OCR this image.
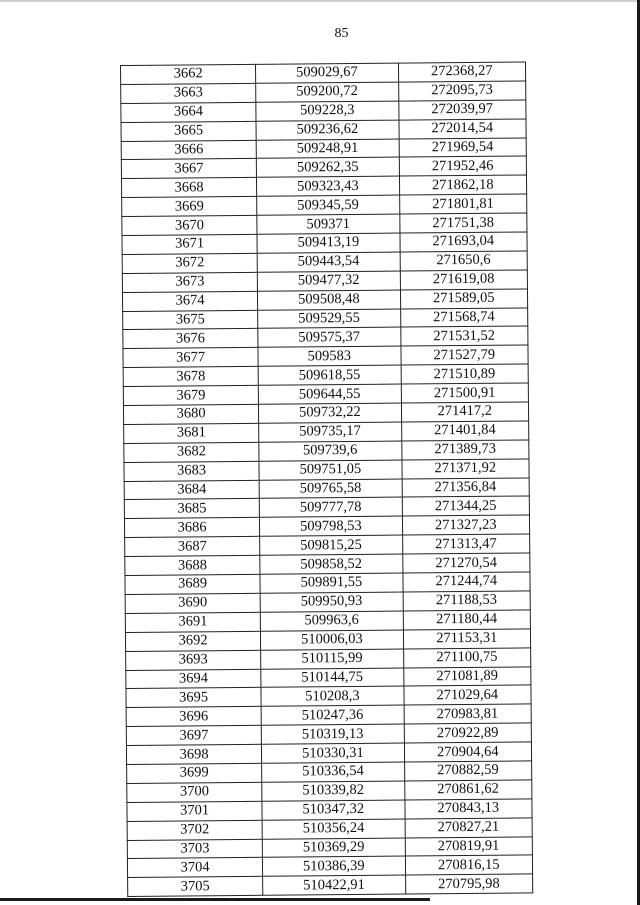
85
3662	509029,67	272368,27
3663	509200,72	272095,73
3664	509228,3	272039,97
3665	509236,62	272014,54
3666	509248,91	271969,54
3667	509262,35	271952,46
3668	509323,43	271862,18
3669	509345,59	271801,81
3670	509371	271751,38
3671	509413,19	271693,04
3672	509443,54	271650,6
3673	509477,32	271619,08
3674	509508,48	271589,05
3675	509529,55	271568,74
3676	509575,37	271531,52
3677	509583	271527,79
3678	509618,55	271510,89
3679	509644,55	271500,91
3680	509732,22	271417,2
3681	509735,17	271401,84
3682	509739,6	271389,73
3683	509751,05	271371,92
3684	509765,58	271356,84
3685	509777,78	271344,25
3686	509798,53	271327,23
3687	509815,25	271313,47
3688	509858,52	271270,54
3689	509891,55	271244,74
3690	509950,93	271188,53
3691	509963,6	271180,44
3692	510006,03	271153,31
3693	510115,99	271100,75
3694	510144,75	271081,89
3695	510208,3	271029,64
3696	510247,36	270983,81
3697	510319,13	270922,89
3698	510330,31	270904,64
3699	510336,54	270882,59
3700	510339,82	270861,62
3701	510347,32	270843,13
3702	510356,24	270827,21
3703	510369,29	270819,91
3704	510386,39	270816,15
3705	510422,91	270795,98
